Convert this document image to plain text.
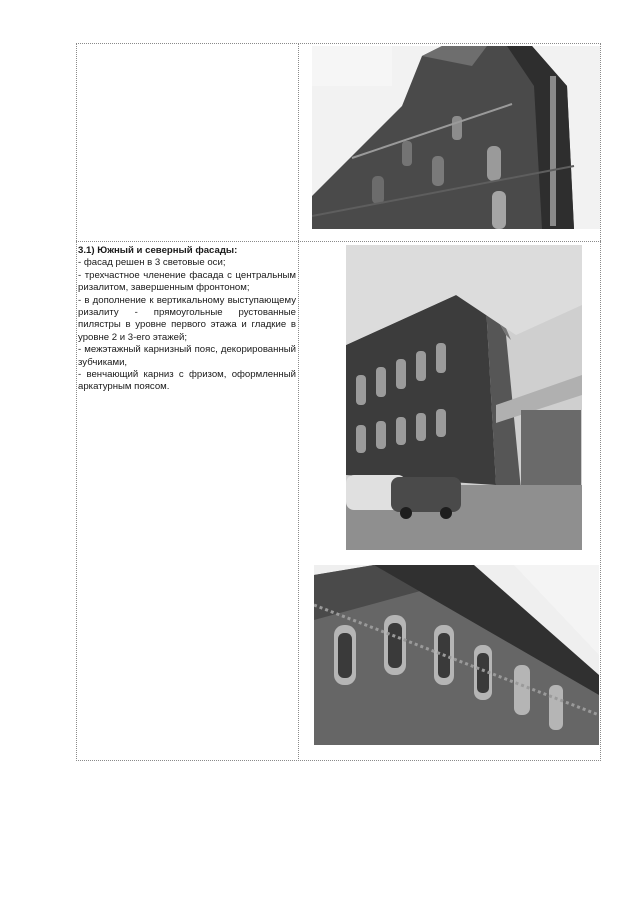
3.1) Южный и северный фасады:
- фасад решен в 3 световые оси;
- трехчастное членение фасада с центральным ризалитом, завершенным фронтоном;
- в дополнение к вертикальному выступающему ризалиту - прямоугольные рустованные пилястры в уровне первого этажа и гладкие в уровне 2 и 3-его этажей;
- межэтажный карнизный пояс, декорированный зубчиками,
- венчающий карниз с фризом, оформленный аркатурным поясом.
